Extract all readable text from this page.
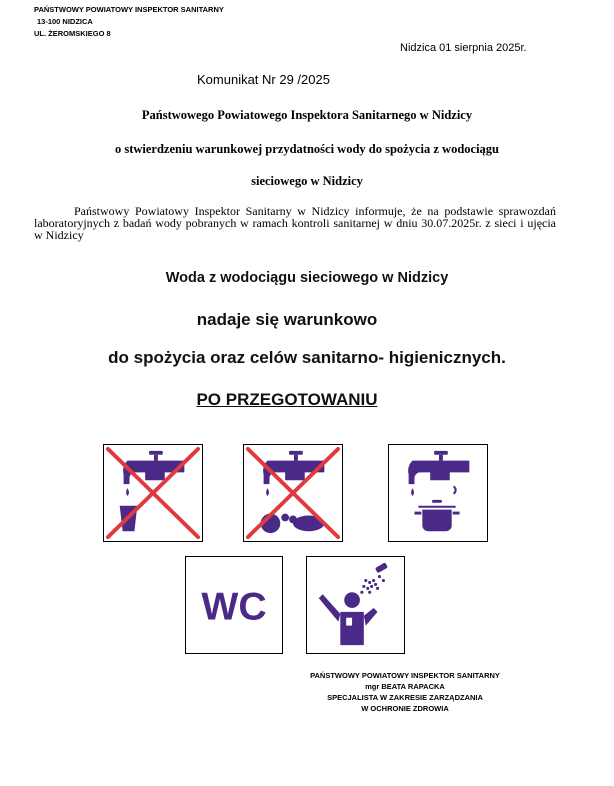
PAŃSTWOWY POWIATOWY INSPEKTOR SANITARNY
13-100 NIDZICA
UL. ŻEROMSKIEGO 8
Nidzica 01 sierpnia 2025r.
Komunikat Nr 29 /2025
Państwowego Powiatowego Inspektora Sanitarnego w Nidzicy
o stwierdzeniu warunkowej przydatności wody do spożycia z wodociągu
sieciowego w Nidzicy
Państwowy Powiatowy Inspektor Sanitarny w Nidzicy informuje, że na podstawie sprawozdań laboratoryjnych z badań wody pobranych w ramach kontroli sanitarnej w dniu 30.07.2025r. z sieci i ujęcia w Nidzicy
Woda z wodociągu sieciowego w Nidzicy
nadaje się warunkowo
do spożycia oraz celów sanitarno- higienicznych.
PO PRZEGOTOWANIU
WC
PAŃSTWOWY POWIATOWY INSPEKTOR SANITARNY
mgr BEATA RAPACKA
SPECJALISTA W ZAKRESIE ZARZĄDZANIA
W OCHRONIE ZDROWIA
